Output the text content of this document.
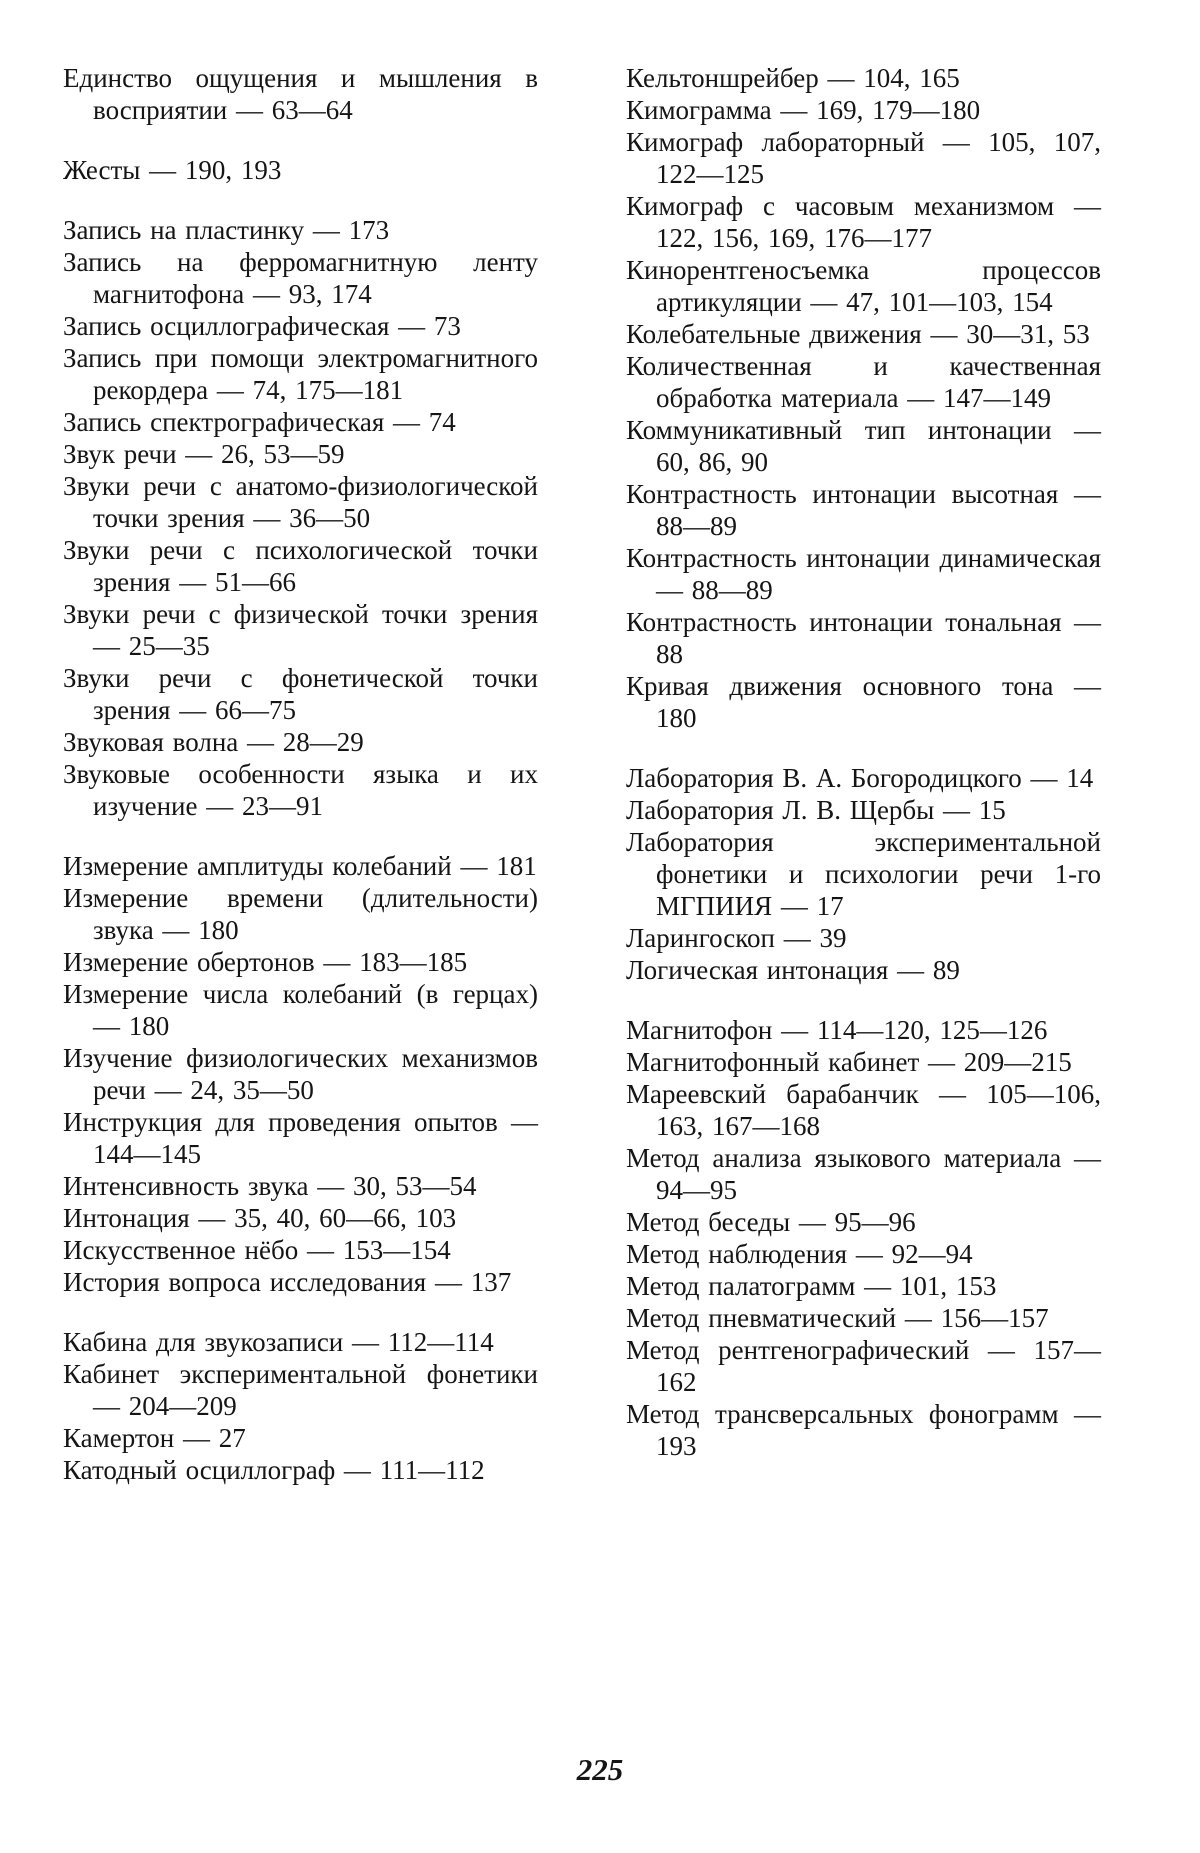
Единство ощущения и мышления в восприятии — 63—64
Жесты — 190, 193
Запись на пластинку — 173
Запись на ферромагнитную ленту магнитофона — 93, 174
Запись осциллографическая — 73
Запись при помощи электромагнитного рекордера — 74, 175—181
Запись спектрографическая — 74
Звук речи — 26, 53—59
Звуки речи с анатомо-физиологической точки зрения — 36—50
Звуки речи с психологической точки зрения — 51—66
Звуки речи с физической точки зрения — 25—35
Звуки речи с фонетической точки зрения — 66—75
Звуковая волна — 28—29
Звуковые особенности языка и их изучение — 23—91
Измерение амплитуды колебаний — 181
Измерение времени (длительности) звука — 180
Измерение обертонов — 183—185
Измерение числа колебаний (в герцах) — 180
Изучение физиологических механизмов речи — 24, 35—50
Инструкция для проведения опытов — 144—145
Интенсивность звука — 30, 53—54
Интонация — 35, 40, 60—66, 103
Искусственное нёбо — 153—154
История вопроса исследования — 137
Кабина для звукозаписи — 112—114
Кабинет экспериментальной фонетики — 204—209
Камертон — 27
Катодный осциллограф — 111—112
Кельтоншрейбер — 104, 165
Кимограмма — 169, 179—180
Кимограф лабораторный — 105, 107, 122—125
Кимограф с часовым механизмом — 122, 156, 169, 176—177
Кинорентгеносъемка процессов артикуляции — 47, 101—103, 154
Колебательные движения — 30—31, 53
Количественная и качественная обработка материала — 147—149
Коммуникативный тип интонации — 60, 86, 90
Контрастность интонации высотная — 88—89
Контрастность интонации динамическая — 88—89
Контрастность интонации тональная — 88
Кривая движения основного тона — 180
Лаборатория В. А. Богородицкого — 14
Лаборатория Л. В. Щербы — 15
Лаборатория экспериментальной фонетики и психологии речи 1-го МГПИИЯ — 17
Ларингоскоп — 39
Логическая интонация — 89
Магнитофон — 114—120, 125—126
Магнитофонный кабинет — 209—215
Мареевский барабанчик — 105—106, 163, 167—168
Метод анализа языкового материала — 94—95
Метод беседы — 95—96
Метод наблюдения — 92—94
Метод палатограмм — 101, 153
Метод пневматический — 156—157
Метод рентгенографический — 157—162
Метод трансверсальных фонограмм — 193
225
